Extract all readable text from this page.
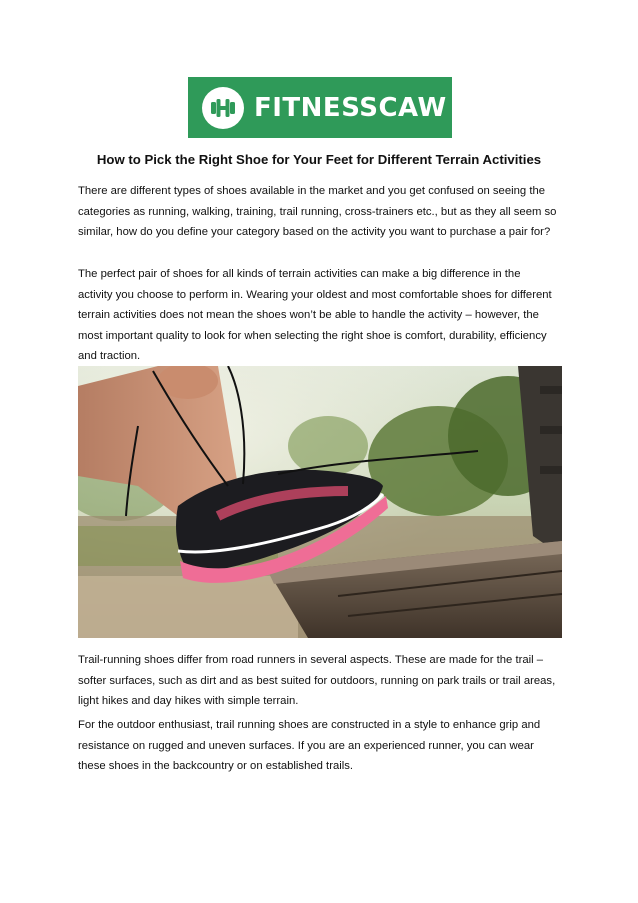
FITNESSCAW
How to Pick the Right Shoe for Your Feet for Different Terrain Activities

There are different types of shoes available in the market and you get confused on seeing the categories as running, walking, training, trail running, cross-trainers etc., but as they all seem so similar, how do you define your category based on the activity you want to purchase a pair for?

The perfect pair of shoes for all kinds of terrain activities can make a big difference in the activity you choose to perform in. Wearing your oldest and most comfortable shoes for different terrain activities does not mean the shoes won’t be able to handle the activity – however, the most important quality to look for when selecting the right shoe is comfort, durability, efficiency and traction.

Trail-running shoes differ from road runners in several aspects. These are made for the trail – softer surfaces, such as dirt and as best suited for outdoors, running on park trails or trail areas, light hikes and day hikes with simple terrain.

For the outdoor enthusiast, trail running shoes are constructed in a style to enhance grip and resistance on rugged and uneven surfaces. If you are an experienced runner, you can wear these shoes in the backcountry or on established trails.
